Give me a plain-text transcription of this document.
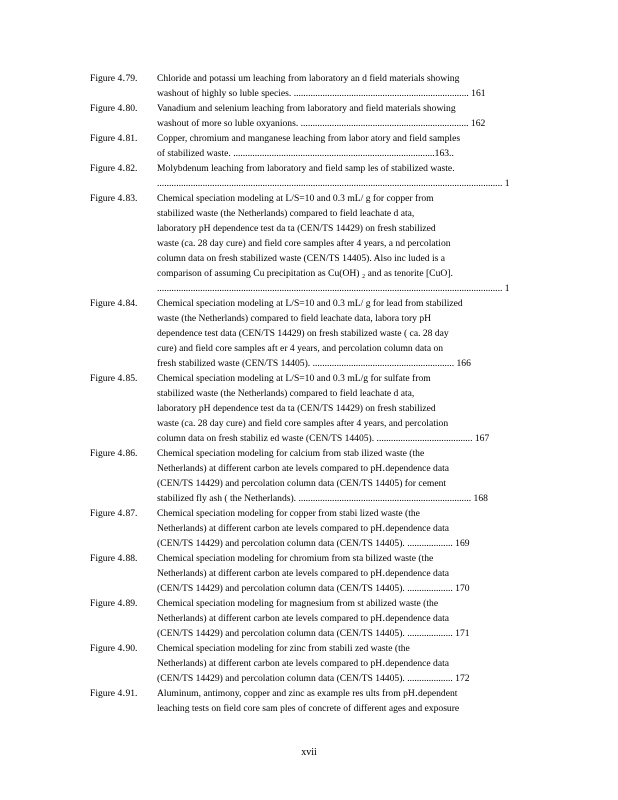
Figure 4․79.	Chloride and potassi um leaching from laboratory an d field materials showing
washout of highly so luble species. ......................................................................... 161
Figure 4․80.	Vanadium and selenium leaching from laboratory and field materials showing
washout of more so luble oxyanions. ...................................................................... 162
Figure 4․81.	Copper, chromium and manganese leaching from labor atory and field samples
of stabilized waste. ....................................................................................163..
Figure 4․82.	Molybdenum leaching from laboratory and field samp les of stabilized waste.
................................................................................................................................................ 1
Figure 4․83.	Chemical speciation modeling at L/S=10 and 0.3 mL/ g for copper from
stabilized waste (the Netherlands) compared to field leachate d ata,
laboratory pH dependence test da ta (CEN/TS 14429) on fresh stabilized
waste (ca. 28 day cure) and field core samples after 4 years, a nd percolation
column data on fresh stabilized waste (CEN/TS 14405). Also inc luded is a
comparison of assuming Cu precipitation as Cu(OH) ₂ and as tenorite [CuO].
................................................................................................................................................ 1
Figure 4․84.	Chemical speciation modeling at L/S=10 and 0.3 mL/ g for lead from stabilized
waste (the Netherlands) compared to field leachate data, labora tory pH
dependence test data (CEN/TS 14429) on fresh stabilized waste ( ca. 28 day
cure) and field core samples aft er 4 years, and percolation column data on
fresh stabilized waste (CEN/TS 14405). ........................................................... 166
Figure 4․85.	Chemical speciation modeling at L/S=10 and 0.3 mL/g for sulfate from
stabilized waste (the Netherlands) compared to field leachate d ata,
laboratory pH dependence test da ta (CEN/TS 14429) on fresh stabilized
waste (ca. 28 day cure) and field core samples after 4 years, and percolation
column data on fresh stabiliz ed waste (CEN/TS 14405). ........................................ 167
Figure 4․86.	Chemical speciation modeling for calcium from stab ilized waste (the
Netherlands) at different carbon ate levels compared to pH․dependence data
(CEN/TS 14429) and percolation column data (CEN/TS 14405) for cement
stabilized fly ash ( the Netherlands). ........................................................................ 168
Figure 4․87.	Chemical speciation modeling for copper from stabi lized waste (the
Netherlands) at different carbon ate levels compared to pH․dependence data
(CEN/TS 14429) and percolation column data (CEN/TS 14405). ................... 169
Figure 4․88.	Chemical speciation modeling for chromium from sta bilized waste (the
Netherlands) at different carbon ate levels compared to pH․dependence data
(CEN/TS 14429) and percolation column data (CEN/TS 14405). ................... 170
Figure 4․89.	Chemical speciation modeling for magnesium from st abilized waste (the
Netherlands) at different carbon ate levels compared to pH․dependence data
(CEN/TS 14429) and percolation column data (CEN/TS 14405). ................... 171
Figure 4․90.	Chemical speciation modeling for zinc from stabili zed waste (the
Netherlands) at different carbon ate levels compared to pH․dependence data
(CEN/TS 14429) and percolation column data (CEN/TS 14405). ................... 172
Figure 4․91.	Aluminum, antimony, copper and zinc as example res ults from pH․dependent
leaching tests on field core sam ples of concrete of different ages and exposure
xvii
